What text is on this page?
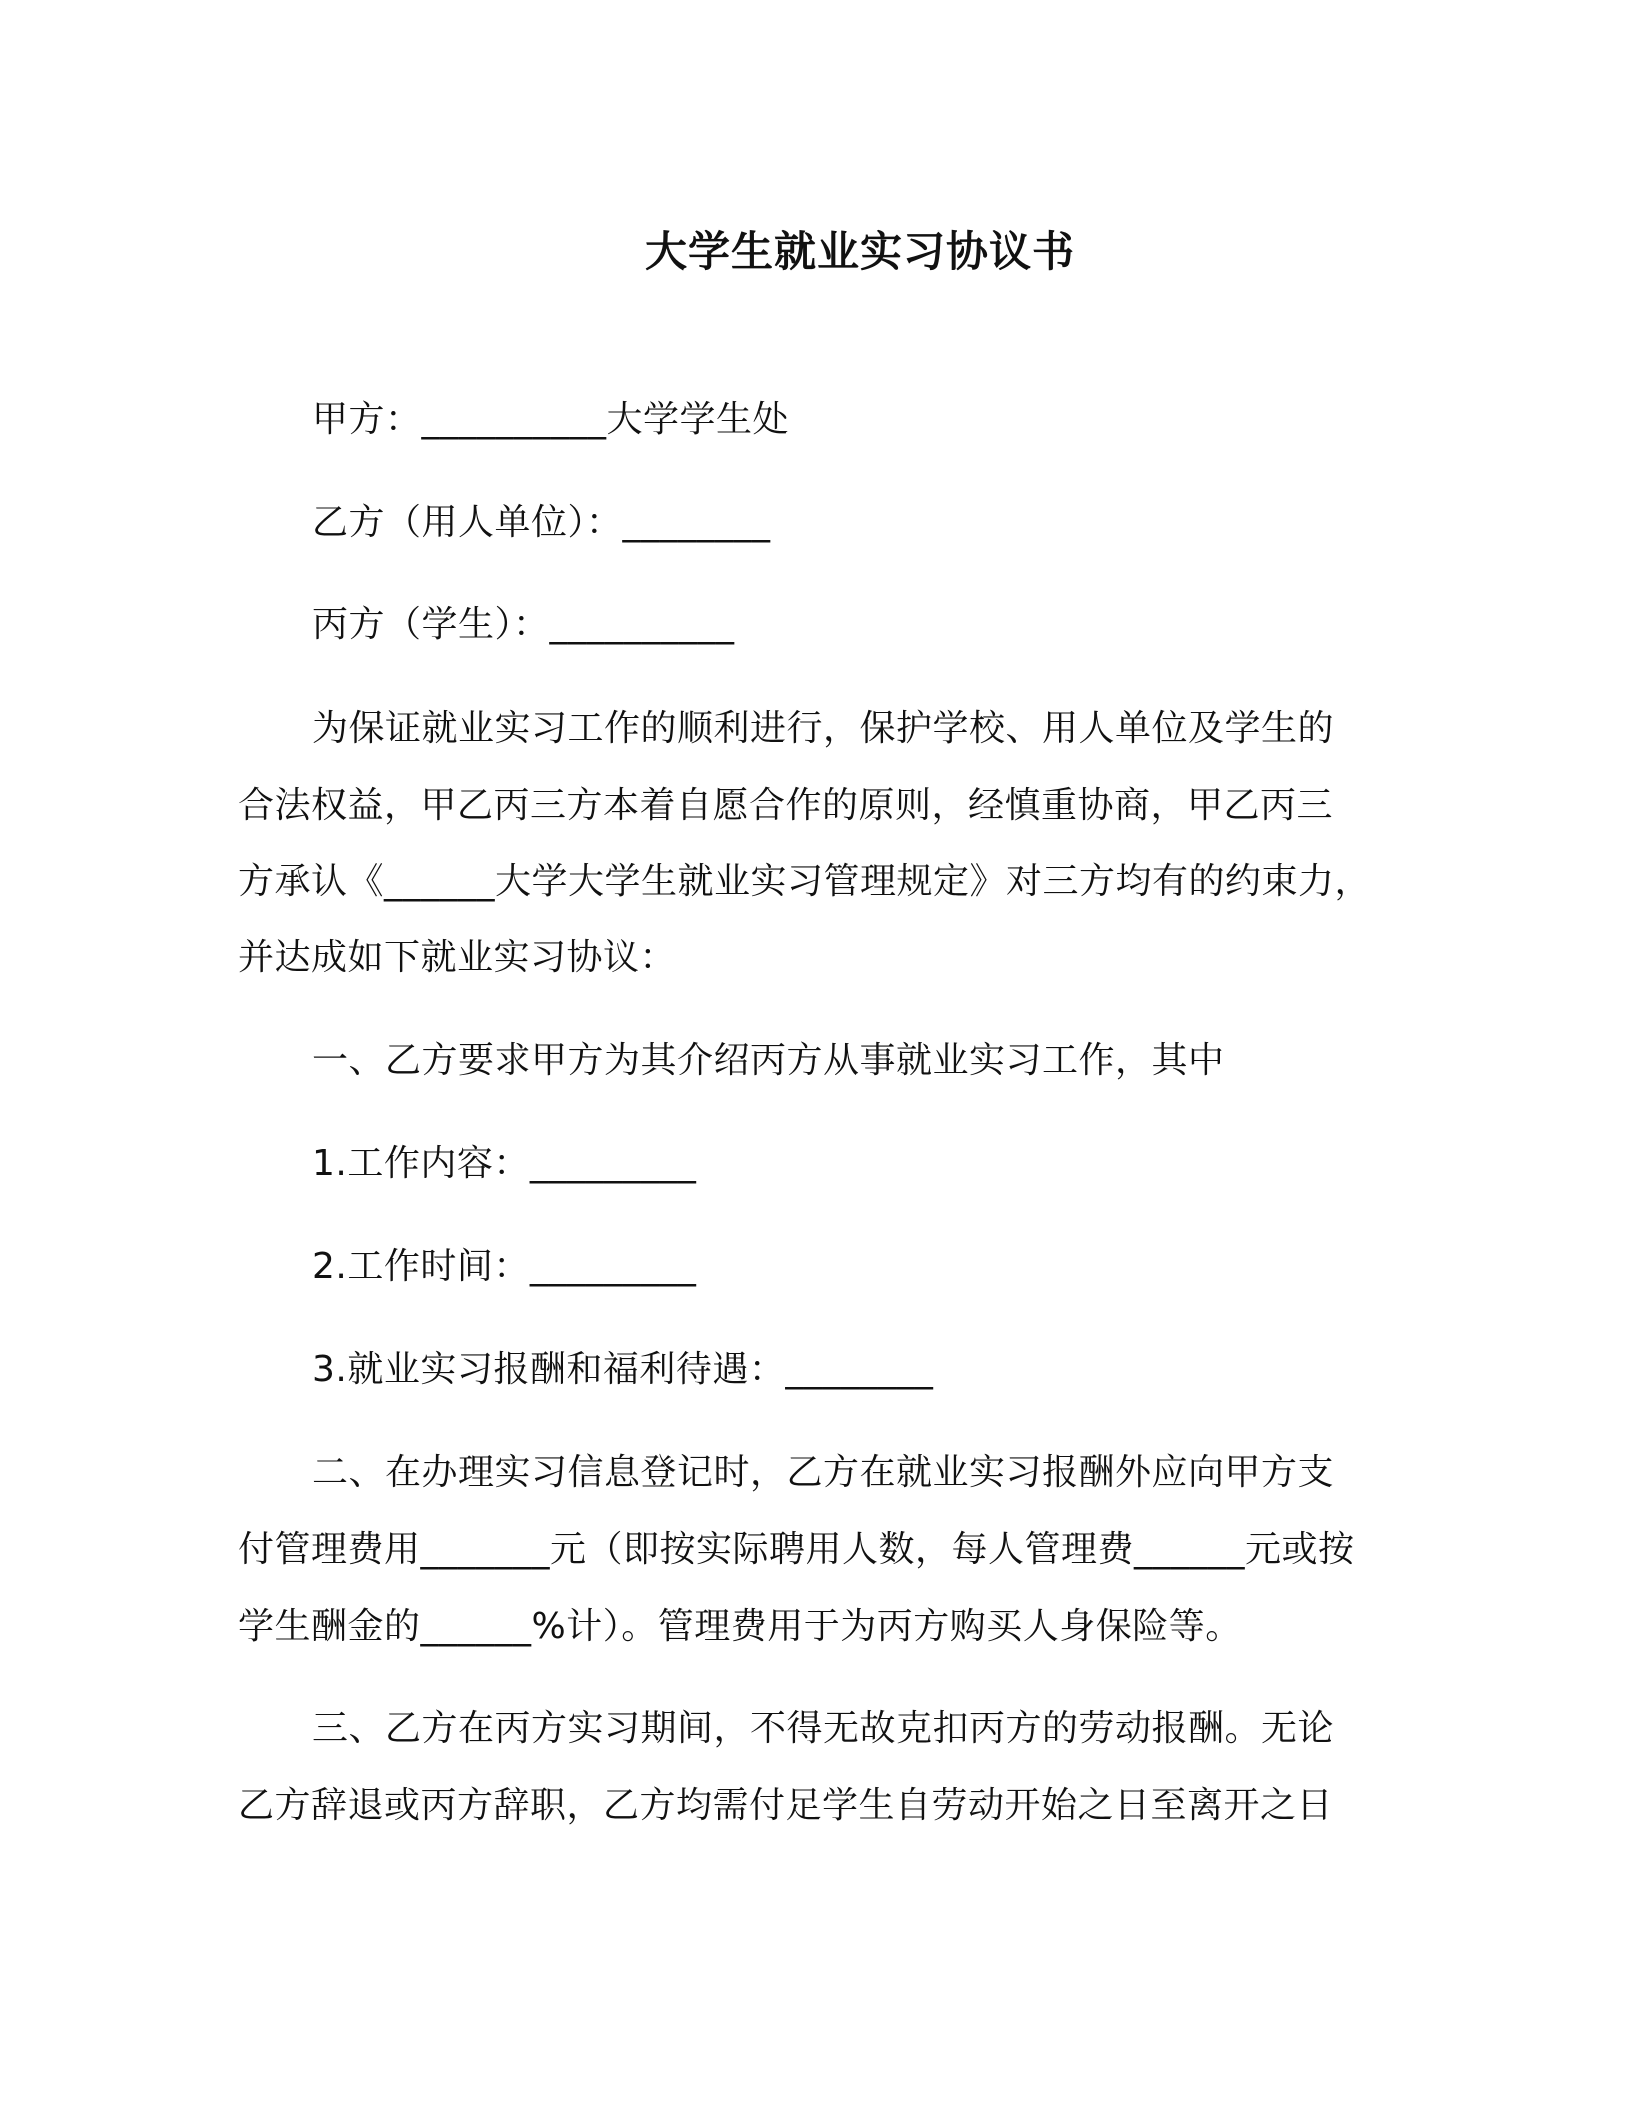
大学生就业实习协议书
甲方：__________大学学生处
乙方（用人单位）：________
丙方（学生）：__________
为保证就业实习工作的顺利进行，保护学校、用人单位及学生的
合法权益，甲乙丙三方本着自愿合作的原则，经慎重协商，甲乙丙三
方承认《______大学大学生就业实习管理规定》对三方均有的约束力，
并达成如下就业实习协议：
一、乙方要求甲方为其介绍丙方从事就业实习工作，其中
1.工作内容：_________
2.工作时间：_________
3.就业实习报酬和福利待遇：________
二、在办理实习信息登记时，乙方在就业实习报酬外应向甲方支
付管理费用_______元（即按实际聘用人数，每人管理费______元或按
学生酬金的______%计）。管理费用于为丙方购买人身保险等。
三、乙方在丙方实习期间，不得无故克扣丙方的劳动报酬。无论
乙方辞退或丙方辞职，乙方均需付足学生自劳动开始之日至离开之日
